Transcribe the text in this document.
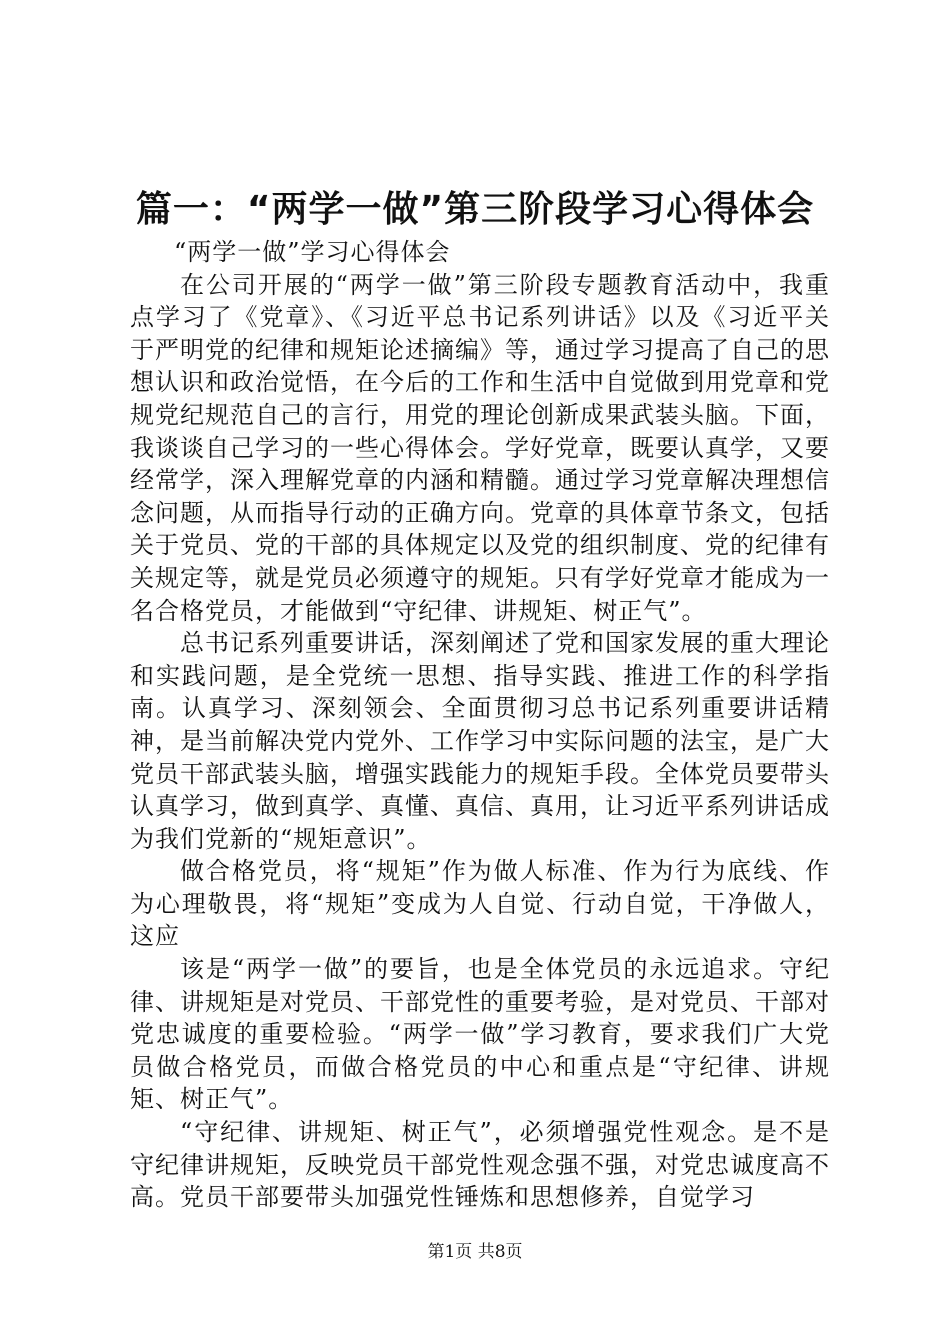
篇一：“两学一做”第三阶段学习心得体会

“两学一做”学习心得体会

在公司开展的“两学一做”第三阶段专题教育活动中，我重点学习了《党章》、《习近平总书记系列讲话》以及《习近平关于严明党的纪律和规矩论述摘编》等，通过学习提高了自己的思想认识和政治觉悟，在今后的工作和生活中自觉做到用党章和党规党纪规范自己的言行，用党的理论创新成果武装头脑。下面，我谈谈自己学习的一些心得体会。学好党章，既要认真学，又要经常学，深入理解党章的内涵和精髓。通过学习党章解决理想信念问题，从而指导行动的正确方向。党章的具体章节条文，包括关于党员、党的干部的具体规定以及党的组织制度、党的纪律有关规定等，就是党员必须遵守的规矩。只有学好党章才能成为一名合格党员，才能做到“守纪律、讲规矩、树正气”。

总书记系列重要讲话，深刻阐述了党和国家发展的重大理论和实践问题，是全党统一思想、指导实践、推进工作的科学指南。认真学习、深刻领会、全面贯彻习总书记系列重要讲话精神，是当前解决党内党外、工作学习中实际问题的法宝，是广大党员干部武装头脑，增强实践能力的规矩手段。全体党员要带头认真学习，做到真学、真懂、真信、真用，让习近平系列讲话成为我们党新的“规矩意识”。

做合格党员，将“规矩”作为做人标准、作为行为底线、作为心理敬畏，将“规矩”变成为人自觉、行动自觉，干净做人，这应

该是“两学一做”的要旨，也是全体党员的永远追求。守纪律、讲规矩是对党员、干部党性的重要考验，是对党员、干部对党忠诚度的重要检验。“两学一做”学习教育，要求我们广大党员做合格党员，而做合格党员的中心和重点是“守纪律、讲规矩、树正气”。

“守纪律、讲规矩、树正气”，必须增强党性观念。是不是守纪律讲规矩，反映党员干部党性观念强不强，对党忠诚度高不高。党员干部要带头加强党性锤炼和思想修养，自觉学习

第1页 共8页
